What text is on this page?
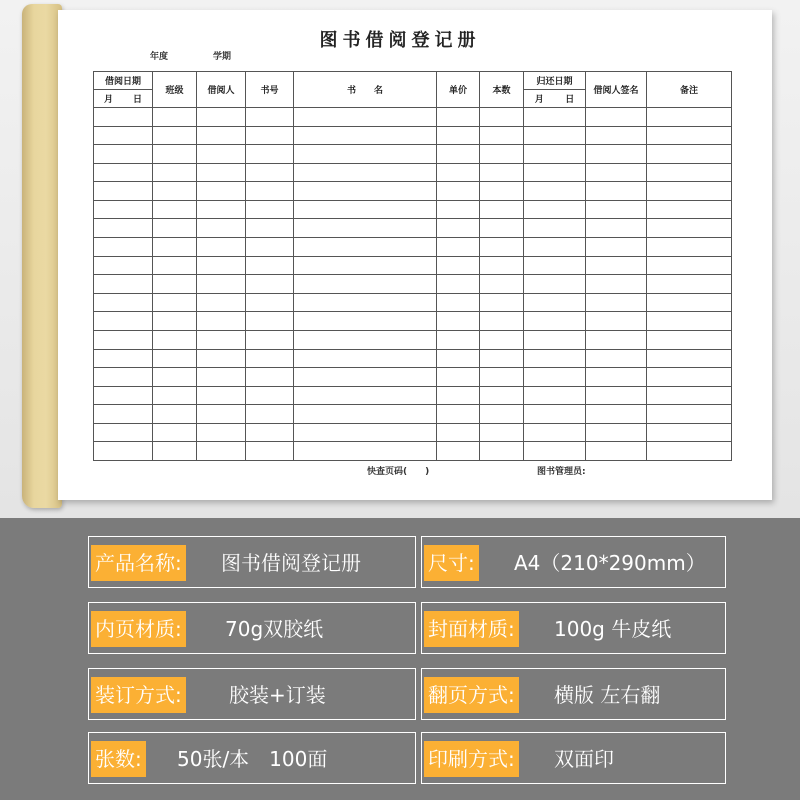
图书借阅登记册
年度	学期
借阅日期	班级	借阅人	书号	书　　名	单价	本数	归还日期	借阅人签名	备注
月 日							月 日		

快查页码(　　)	图书管理员:
产品名称: 图书借阅登记册	尺寸: A4（210*290mm）
内页材质: 70g双胶纸	封面材质: 100g 牛皮纸
装订方式: 胶装+订装	翻页方式: 横版 左右翻
张数: 50张/本　100面	印刷方式: 双面印
